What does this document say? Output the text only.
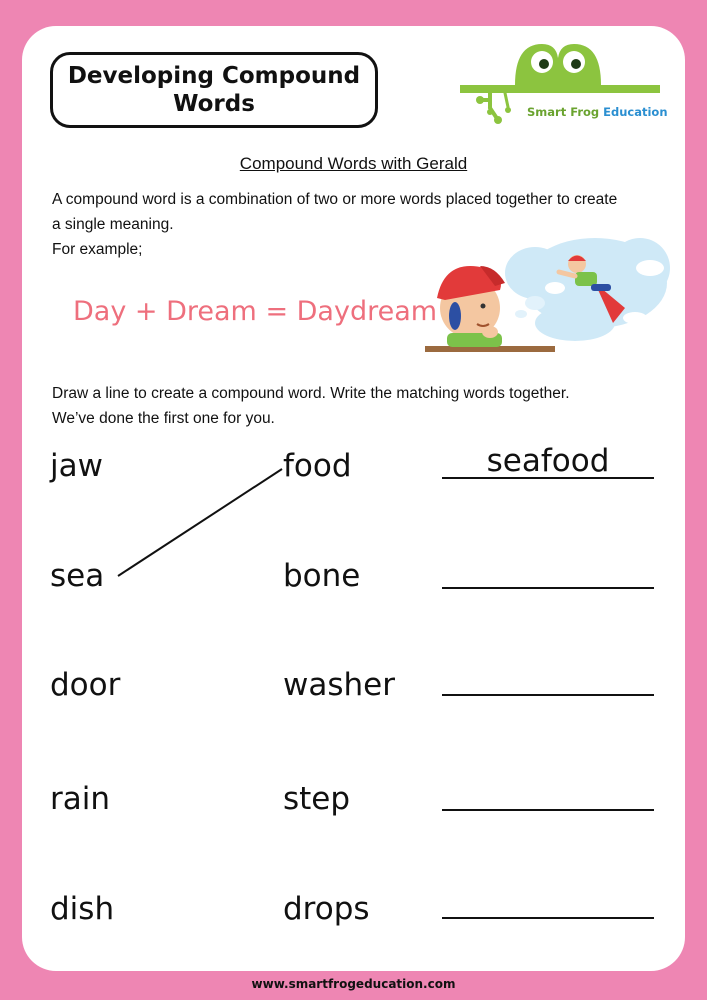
Developing Compound
Words	Smart Frog Education
Compound Words with Gerald
A compound word is a combination of two or more words placed together to create
a single meaning.
For example;
Day + Dream = Daydream
Draw a line to create a compound word. Write the matching words together.
We’ve done the first one for you.
jaw	food	seafood
sea	bone
door	washer
rain	step
dish	drops
www.smartfrogeducation.com
